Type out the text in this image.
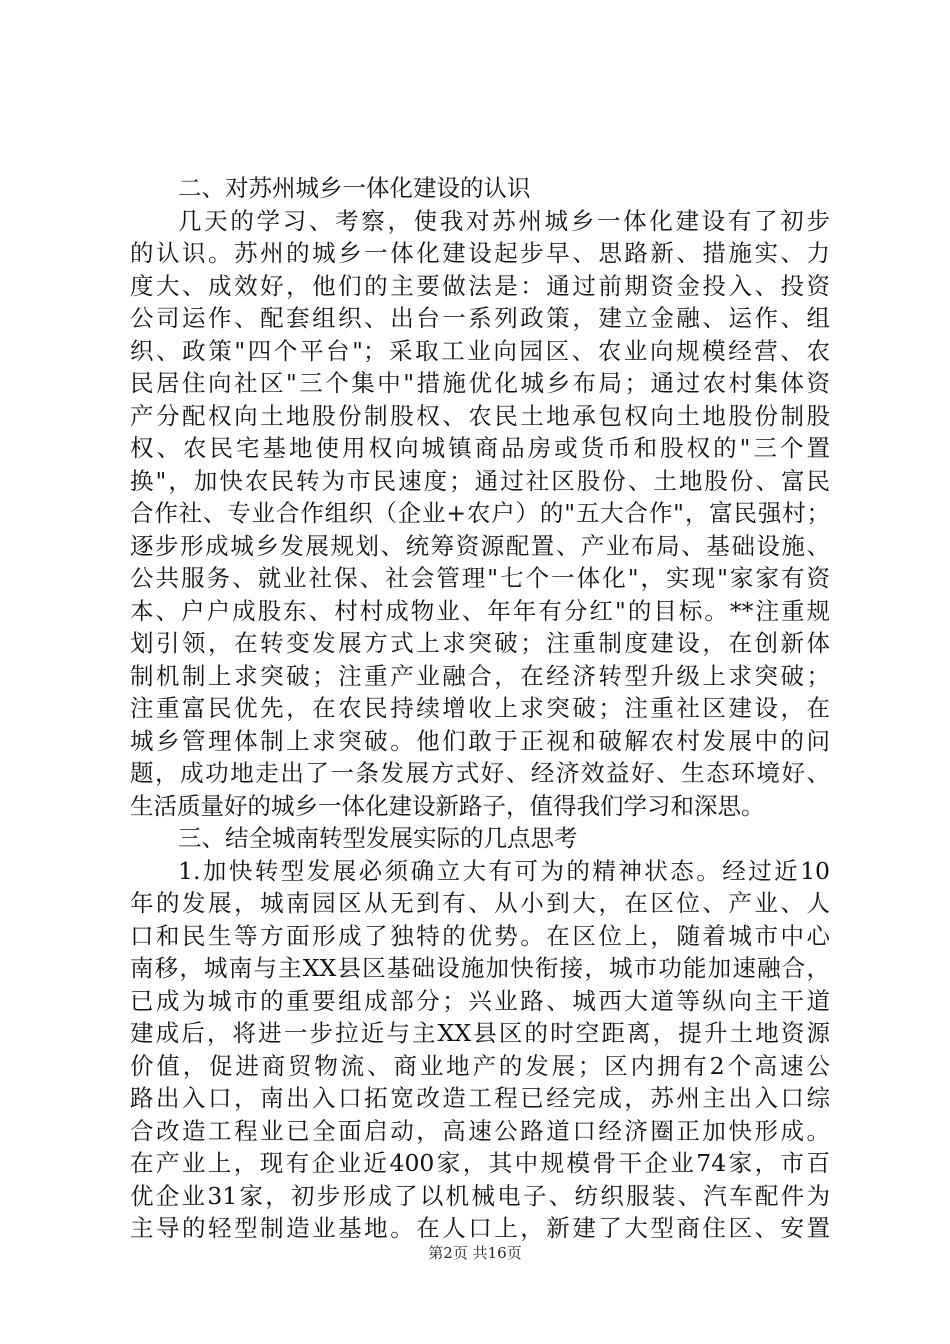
二、对苏州城乡一体化建设的认识
几天的学习、考察，使我对苏州城乡一体化建设有了初步
的认识。苏州的城乡一体化建设起步早、思路新、措施实、力
度大、成效好，他们的主要做法是：通过前期资金投入、投资
公司运作、配套组织、出台一系列政策，建立金融、运作、组
织、政策"四个平台"；采取工业向园区、农业向规模经营、农
民居住向社区"三个集中"措施优化城乡布局；通过农村集体资
产分配权向土地股份制股权、农民土地承包权向土地股份制股
权、农民宅基地使用权向城镇商品房或货币和股权的"三个置
换"，加快农民转为市民速度；通过社区股份、土地股份、富民
合作社、专业合作组织（企业+农户）的"五大合作"，富民强村；
逐步形成城乡发展规划、统筹资源配置、产业布局、基础设施、
公共服务、就业社保、社会管理"七个一体化"，实现"家家有资
本、户户成股东、村村成物业、年年有分红"的目标。**注重规
划引领，在转变发展方式上求突破；注重制度建设，在创新体
制机制上求突破；注重产业融合，在经济转型升级上求突破；
注重富民优先，在农民持续增收上求突破；注重社区建设，在
城乡管理体制上求突破。他们敢于正视和破解农村发展中的问
题，成功地走出了一条发展方式好、经济效益好、生态环境好、
生活质量好的城乡一体化建设新路子，值得我们学习和深思。
三、结全城南转型发展实际的几点思考
1.加快转型发展必须确立大有可为的精神状态。经过近10
年的发展，城南园区从无到有、从小到大，在区位、产业、人
口和民生等方面形成了独特的优势。在区位上，随着城市中心
南移，城南与主XX县区基础设施加快衔接，城市功能加速融合，
已成为城市的重要组成部分；兴业路、城西大道等纵向主干道
建成后，将进一步拉近与主XX县区的时空距离，提升土地资源
价值，促进商贸物流、商业地产的发展；区内拥有2个高速公
路出入口，南出入口拓宽改造工程已经完成，苏州主出入口综
合改造工程业已全面启动，高速公路道口经济圈正加快形成。
在产业上，现有企业近400家，其中规模骨干企业74家，市百
优企业31家，初步形成了以机械电子、纺织服装、汽车配件为
主导的轻型制造业基地。在人口上，新建了大型商住区、安置
第2页 共16页
